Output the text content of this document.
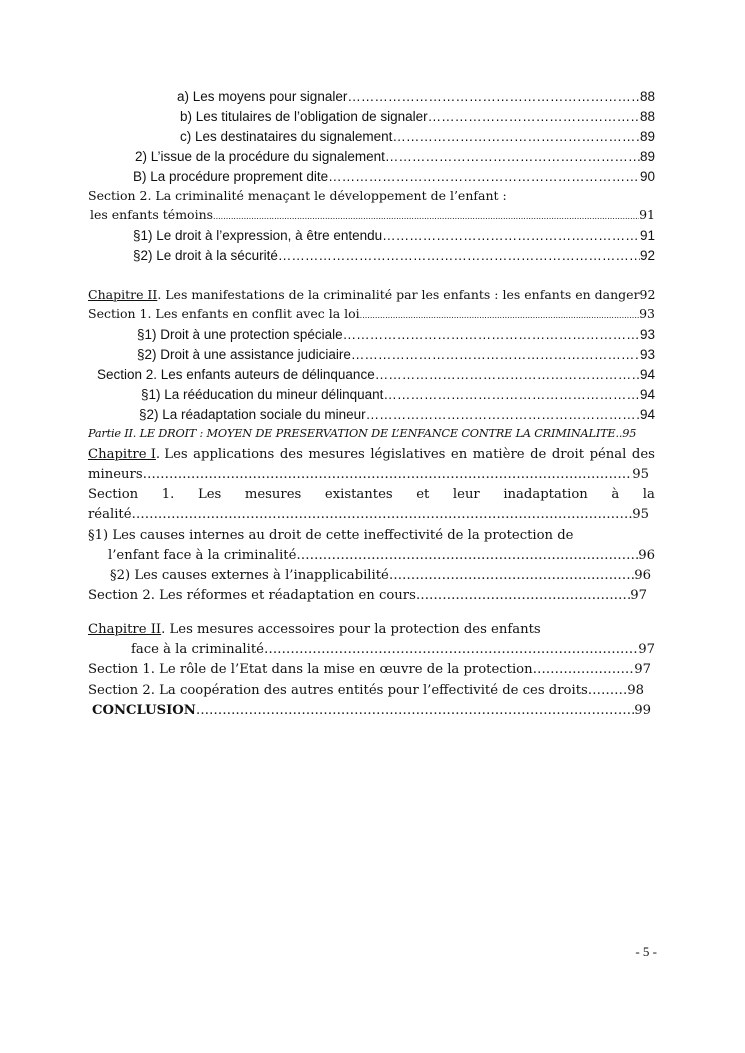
a) Les moyens pour signaler ……………………………………………………………………………………………………………………………………………………………………………………	88
b) Les titulaires de l’obligation de signaler ……………………………………………………………………………………………………………………………………………………………………………………	88
c) Les destinataires du signalement ……………………………………………………………………………………………………………………………………………………………………………………	89
2) L’issue de la procédure du signalement ……………………………………………………………………………………………………………………………………………………………………………………	89
B) La procédure proprement dite ……………………………………………………………………………………………………………………………………………………………………………………	90
Section 2. La criminalité menaçant le développement de l’enfant :
les enfants témoins .....	91
§1) Le droit à l’expression, à être entendu ……………………………………………………………………………………………………………………………………………………………………………………	91
§2) Le droit à la sécurité ……………………………………………………………………………………………………………………………………………………………………………………	92
Chapitre II. Les manifestations de la criminalité par les enfants : les enfants en danger 92
Section 1. Les enfants en conflit avec la loi .....	93
§1) Droit à une protection spéciale ……………………………………………………………………………………………………………………………………………………………………………………	93
§2) Droit à une assistance judiciaire ……………………………………………………………………………………………………………………………………………………………………………………	93
Section 2. Les enfants auteurs de délinquance ……………………………………………………………………………………………………………………………………………………………………………………	94
§1) La rééducation du mineur délinquant ……………………………………………………………………………………………………………………………………………………………………………………	94
§2) La réadaptation sociale du mineur ……………………………………………………………………………………………………………………………………………………………………………………	94
Partie II. LE DROIT : MOYEN DE PRESERVATION DE L’ENFANCE CONTRE LA CRIMINALITE..95
Chapitre I. Les applications des mesures législatives en matière de droit pénal des
mineurs ……………………………………………………………………………………………………………………………………………………………………………………	95
Section 1. Les mesures existantes et leur inadaptation à la
réalité ……………………………………………………………………………………………………………………………………………………………………………………	95
§1) Les causes internes au droit de cette ineffectivité de la protection de
l’enfant face à la criminalité ……………………………………………………………………………………………………………………………………………………………………………………	96
§2) Les causes externes à l’inapplicabilité ……………………………………………………………………………………………………………………………………………………………………………………	96
Section 2. Les réformes et réadaptation en cours ……………………………………………………………………………………………………………………………………………………………………………………	97
Chapitre II. Les mesures accessoires pour la protection des enfants
face à la criminalité ……………………………………………………………………………………………………………………………………………………………………………………	97
Section 1. Le rôle de l’Etat dans la mise en œuvre de la protection ……………………………………………………………………………………………………………………………………………………………………………………	97
Section 2. La coopération des autres entités pour l’effectivité de ces droits ……………………………………………………………………………………………………………………………………………………………………………………	98
CONCLUSION ……………………………………………………………………………………………………………………………………………………………………………………	99
- 5 -
